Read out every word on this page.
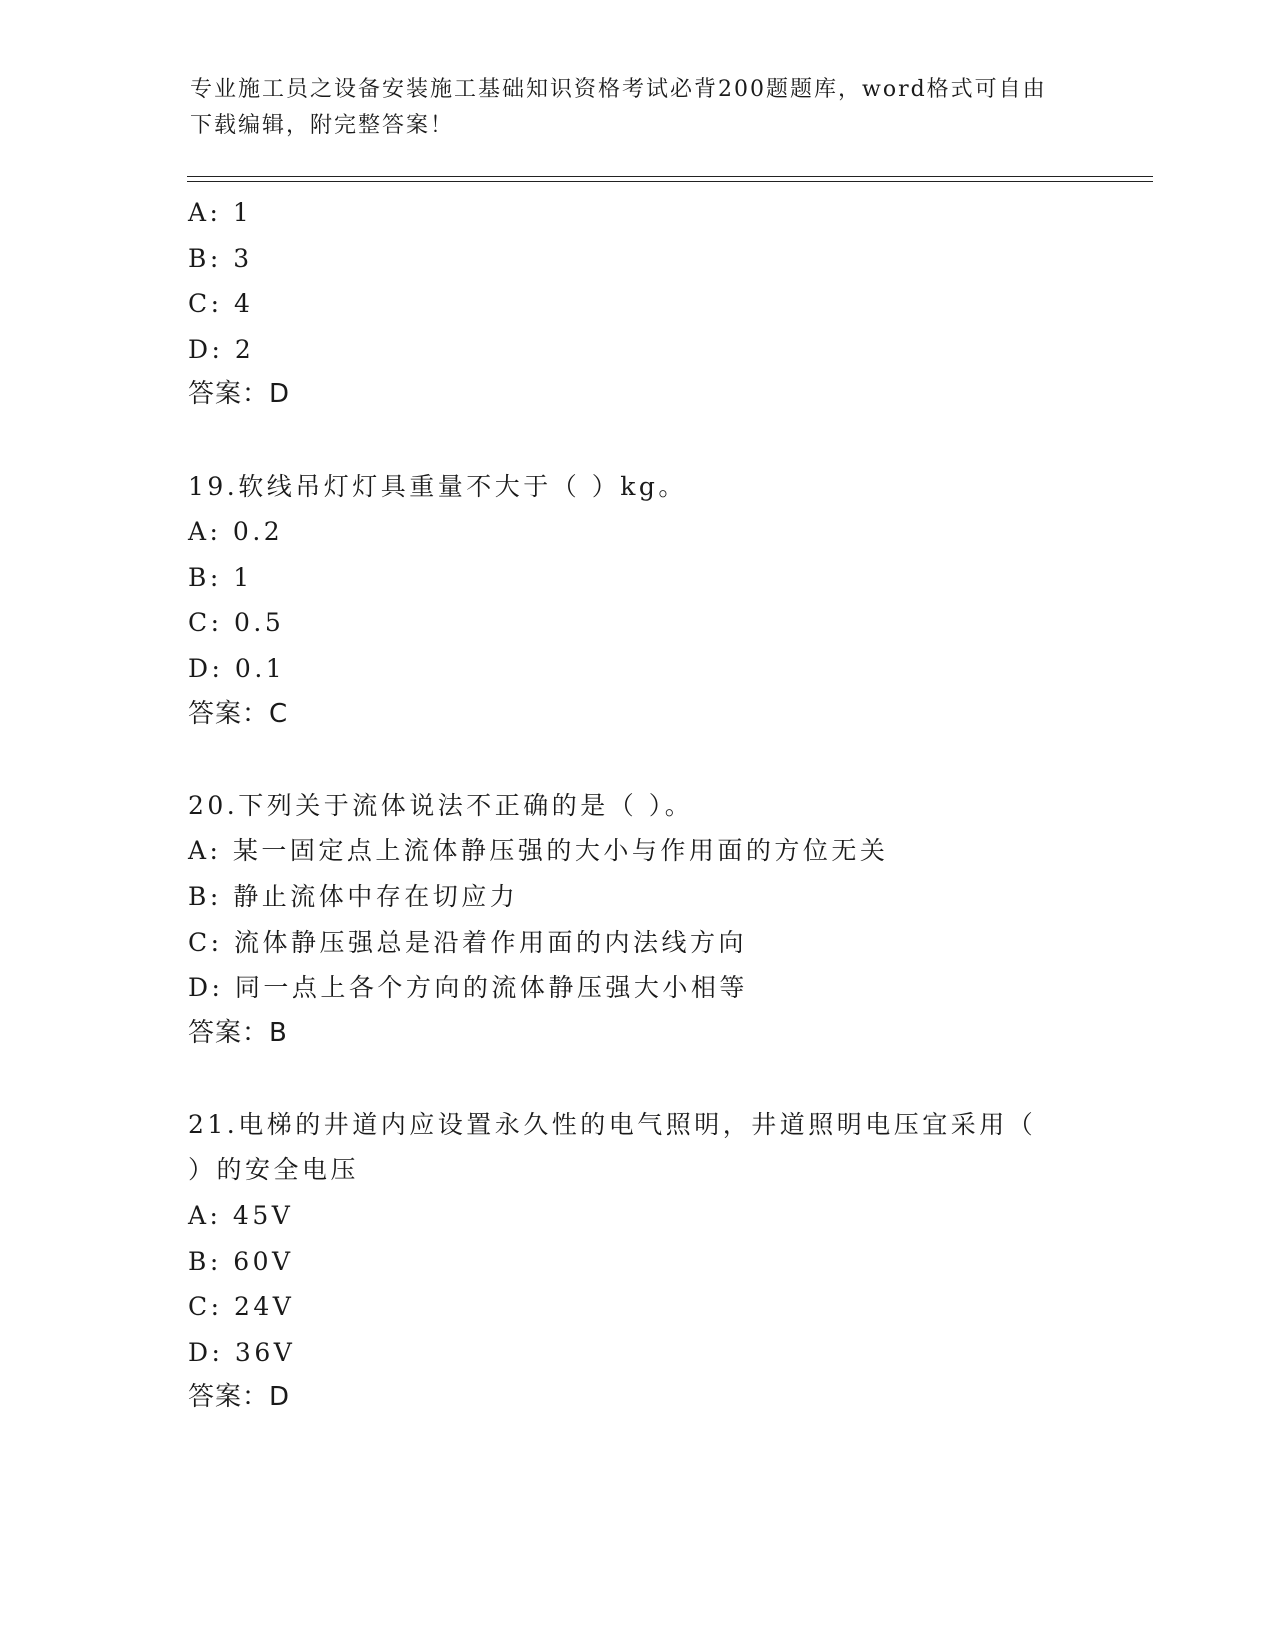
专业施工员之设备安装施工基础知识资格考试必背200题题库，word格式可自由
下载编辑，附完整答案！
A: 1
B: 3
C: 4
D: 2
答案：D
19.软线吊灯灯具重量不大于（ ）kg。
A: 0.2
B: 1
C: 0.5
D: 0.1
答案：C
20.下列关于流体说法不正确的是（ ）。
A: 某一固定点上流体静压强的大小与作用面的方位无关
B: 静止流体中存在切应力
C: 流体静压强总是沿着作用面的内法线方向
D: 同一点上各个方向的流体静压强大小相等
答案：B
21.电梯的井道内应设置永久性的电气照明，井道照明电压宜采用（
）的安全电压
A: 45V
B: 60V
C: 24V
D: 36V
答案：D
